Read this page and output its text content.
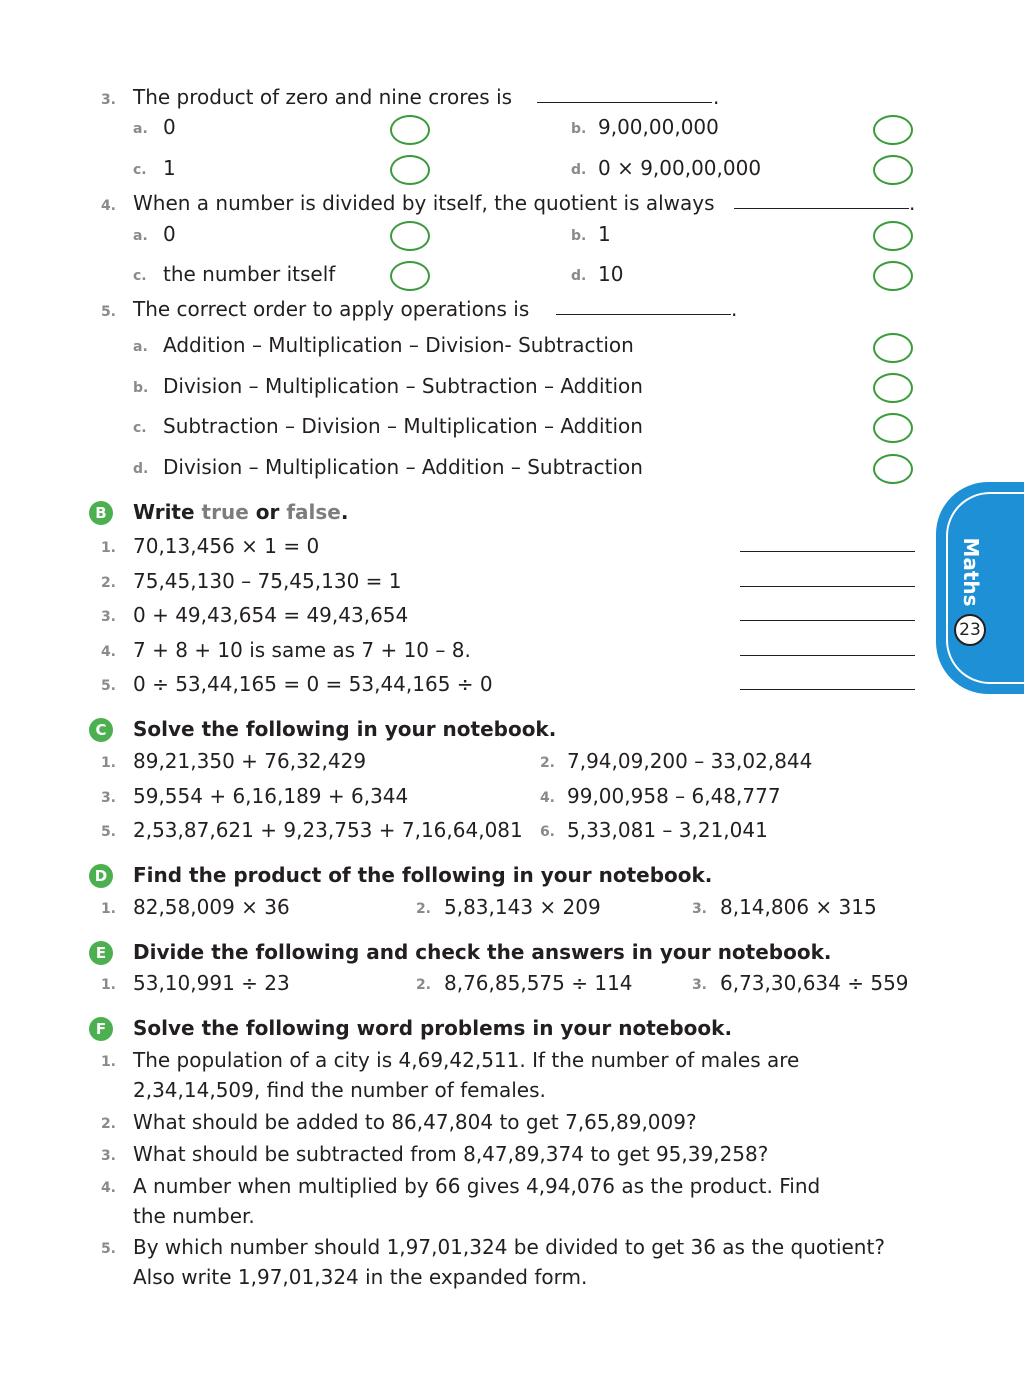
3. The product of zero and nine crores is	.
a. 0	b. 9,00,00,000
c. 1	d. 0 × 9,00,00,000
4. When a number is divided by itself, the quotient is always	.
a. 0	b. 1
c. the number itself	d. 10
5. The correct order to apply operations is	.
a. Addition – Multiplication – Division- Subtraction
b. Division – Multiplication – Subtraction – Addition
c. Subtraction – Division – Multiplication – Addition
d. Division – Multiplication – Addition – Subtraction
B	Write true or false.
1. 70,13,456 × 1 = 0
2. 75,45,130 – 75,45,130 = 1
3. 0 + 49,43,654 = 49,43,654
4. 7 + 8 + 10 is same as 7 + 10 – 8.
5. 0 ÷ 53,44,165 = 0 = 53,44,165 ÷ 0
C	Solve the following in your notebook.
1. 89,21,350 + 76,32,429	2. 7,94,09,200 – 33,02,844
3. 59,554 + 6,16,189 + 6,344	4. 99,00,958 – 6,48,777
5. 2,53,87,621 + 9,23,753 + 7,16,64,081	6. 5,33,081 – 3,21,041
D Find the product of the following in your notebook.
1. 82,58,009 × 36	2. 5,83,143 × 209	3. 8,14,806 × 315
E	Divide the following and check the answers in your notebook.
1. 53,10,991 ÷ 23	2. 8,76,85,575 ÷ 114	3. 6,73,30,634 ÷ 559
F	Solve the following word problems in your notebook.
1. The population of a city is 4,69,42,511. If the number of males are
2,34,14,509, find the number of females.
2. What should be added to 86,47,804 to get 7,65,89,009?
3. What should be subtracted from 8,47,89,374 to get 95,39,258?
4. A number when multiplied by 66 gives 4,94,076 as the product. Find
the number.
5. By which number should 1,97,01,324 be divided to get 36 as the quotient?
Also write 1,97,01,324 in the expanded form.
Maths
23
